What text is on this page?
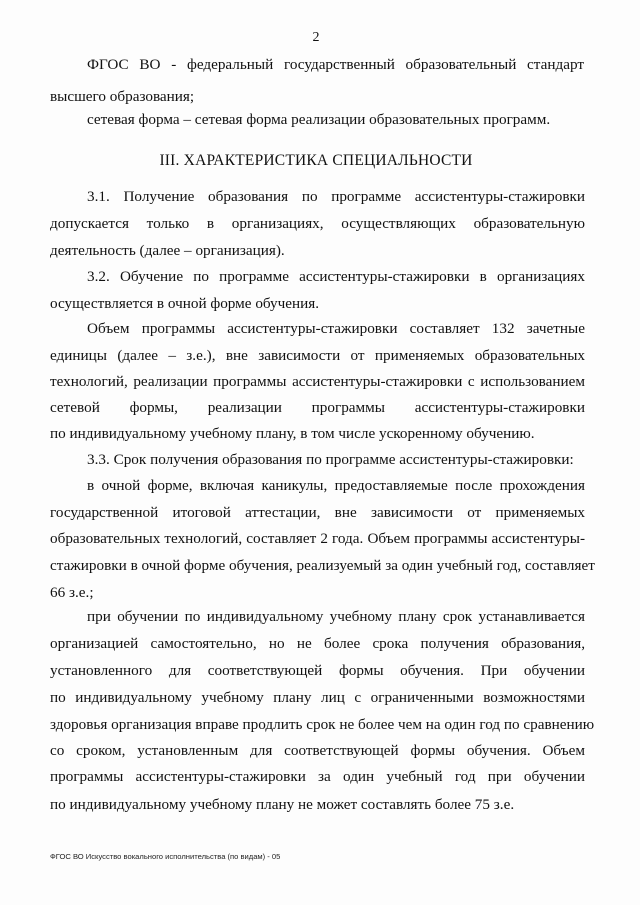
2
ФГОС ВО - федеральный государственный образовательный стандарт
высшего образования;
сетевая форма – сетевая форма реализации образовательных программ.
III. ХАРАКТЕРИСТИКА СПЕЦИАЛЬНОСТИ
3.1. Получение образования по программе ассистентуры-стажировки
допускается только в организациях, осуществляющих образовательную
деятельность (далее – организация).
3.2. Обучение по программе ассистентуры-стажировки в организациях
осуществляется в очной форме обучения.
Объем программы ассистентуры-стажировки составляет 132 зачетные
единицы (далее – з.е.), вне зависимости от применяемых образовательных
технологий, реализации программы ассистентуры-стажировки с использованием
сетевой формы, реализации программы ассистентуры-стажировки
по индивидуальному учебному плану, в том числе ускоренному обучению.
3.3. Срок получения образования по программе ассистентуры-стажировки:
в очной форме, включая каникулы, предоставляемые после прохождения
государственной итоговой аттестации, вне зависимости от применяемых
образовательных технологий, составляет 2 года. Объем программы ассистентуры-
стажировки в очной форме обучения, реализуемый за один учебный год, составляет
66 з.е.;
при обучении по индивидуальному учебному плану срок устанавливается
организацией самостоятельно, но не более срока получения образования,
установленного для соответствующей формы обучения. При обучении
по индивидуальному учебному плану лиц с ограниченными возможностями
здоровья организация вправе продлить срок не более чем на один год по сравнению
со сроком, установленным для соответствующей формы обучения. Объем
программы ассистентуры-стажировки за один учебный год при обучении
по индивидуальному учебному плану не может составлять более 75 з.е.
ФГОС ВО Искусство вокального исполнительства (по видам) - 05
